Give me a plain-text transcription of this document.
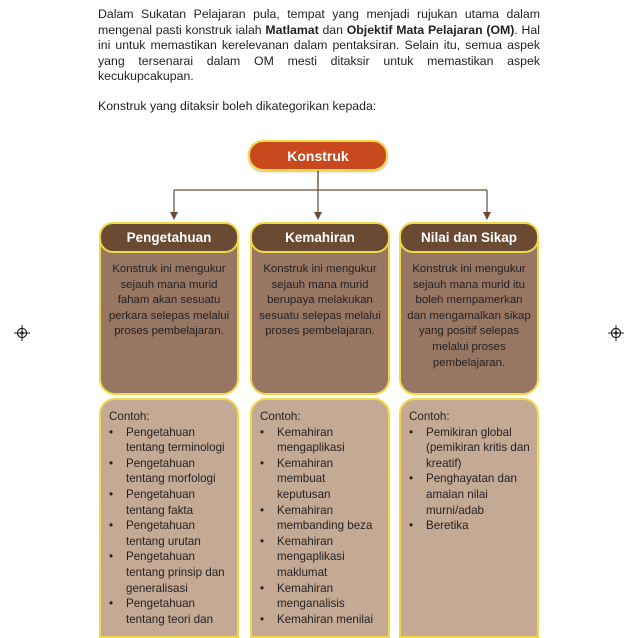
Dalam Sukatan Pelajaran pula, tempat yang menjadi rujukan utama dalam mengenal pasti konstruk ialah Matlamat dan Objektif Mata Pelajaran (OM). Hal ini untuk memastikan kerelevanan dalam pentaksiran. Selain itu, semua aspek yang tersenarai dalam OM mesti ditaksir untuk memastikan aspek kecukupcakupan.

Konstruk yang ditaksir boleh dikategorikan kepada:

Konstruk
Konstruk ini mengukur sejauh mana murid faham akan sesuatu perkara selepas melalui proses pembelajaran.
Pengetahuan
Contoh:
• Pengetahuan tentang terminologi
• Pengetahuan tentang morfologi
• Pengetahuan tentang fakta
• Pengetahuan tentang urutan
• Pengetahuan tentang prinsip dan generalisasi
• Pengetahuan tentang teori dan
Konstruk ini mengukur sejauh mana murid berupaya melakukan sesuatu selepas melalui proses pembelajaran.
Kemahiran
Contoh:
• Kemahiran mengaplikasi
• Kemahiran membuat keputusan
• Kemahiran membanding beza
• Kemahiran mengaplikasi maklumat
• Kemahiran menganalisis
• Kemahiran menilai
Konstruk ini mengukur sejauh mana murid itu boleh mempamerkan dan mengamalkan sikap yang positif selepas melalui proses pembelajaran.
Nilai dan Sikap
Contoh:
• Pemikiran global (pemikiran kritis dan kreatif)
• Penghayatan dan amalan nilai murni/adab
• Beretika
